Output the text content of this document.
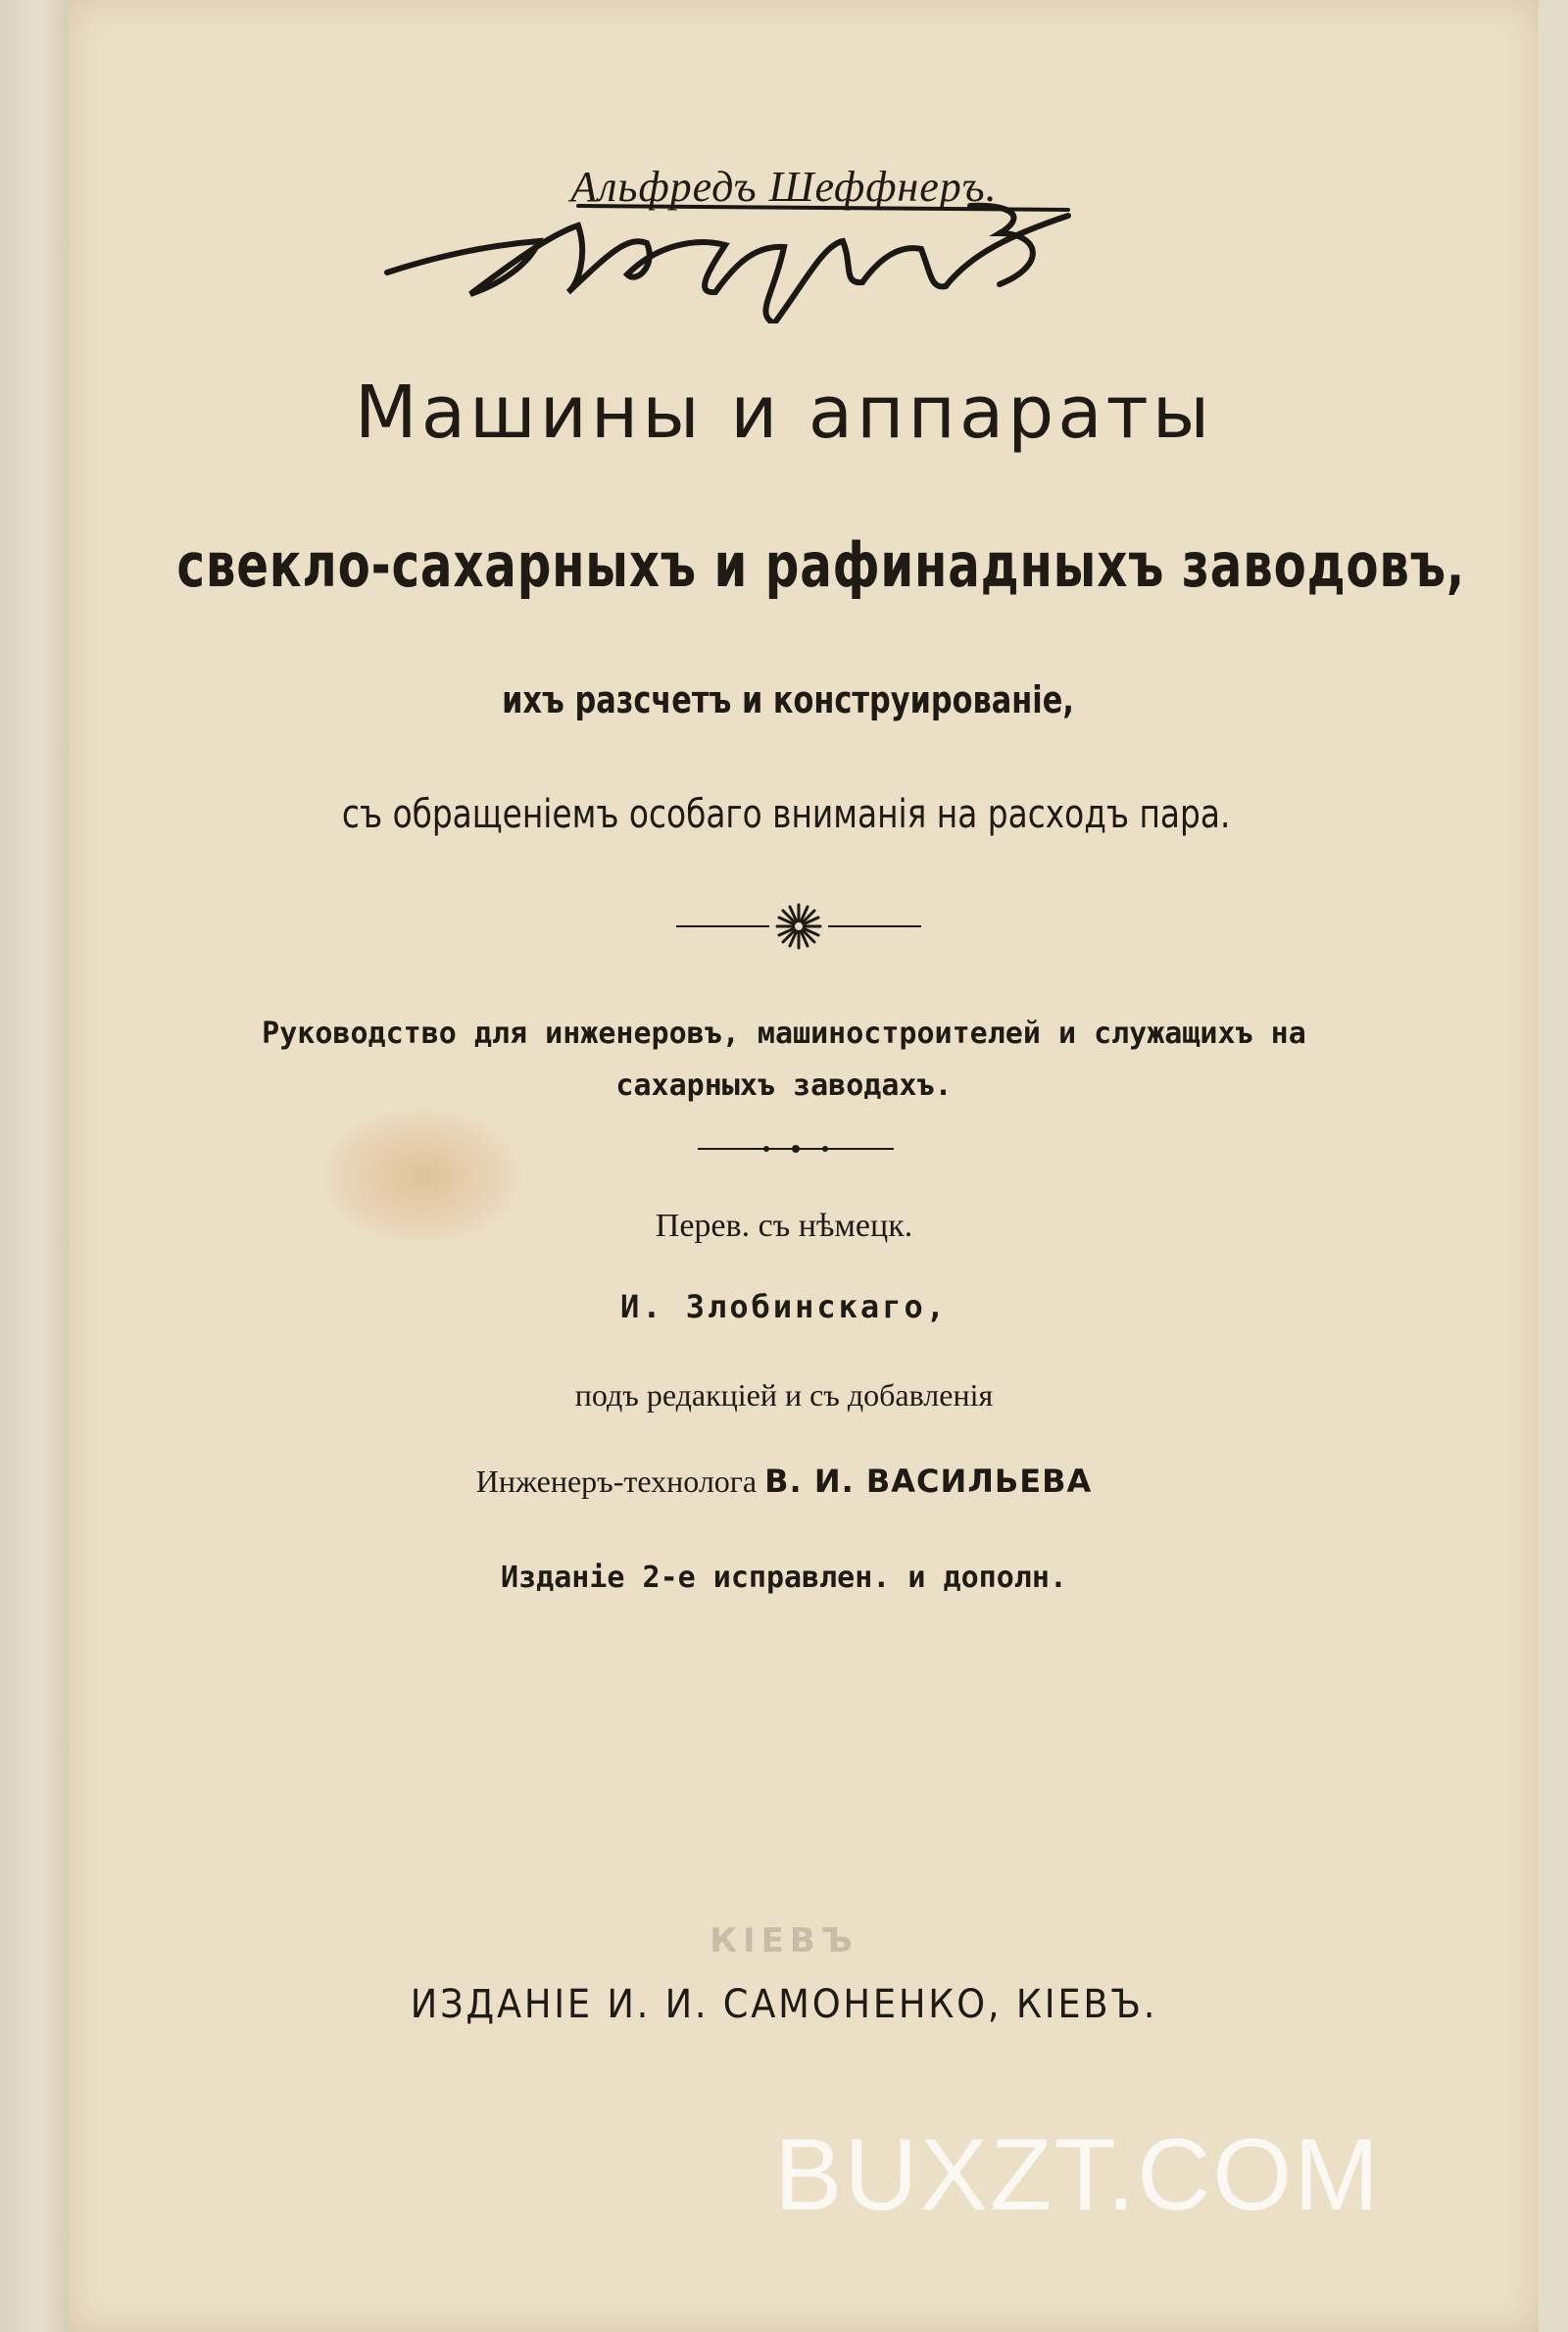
Альфредъ Шеффнеръ.
Могзань
Машины и аппараты
свекло-сахарныхъ и рафинадныхъ заводовъ,
ихъ разсчетъ и конструированіе,
съ обращеніемъ особаго вниманія на расходъ пара.
Руководство для инженеровъ, машиностроителей и служащихъ на
сахарныхъ заводахъ.
Перев. съ нѣмецк.
И. Злобинскаго,
подъ редакціей и съ добавленія
Инженеръ-технолога В. И. ВАСИЛЬЕВА
Изданіе 2-е исправлен. и дополн.
КІЕВЪ
ИЗДАНІЕ И. И. САМОНЕНКО, КІЕВЪ.
BUXZT.COM
